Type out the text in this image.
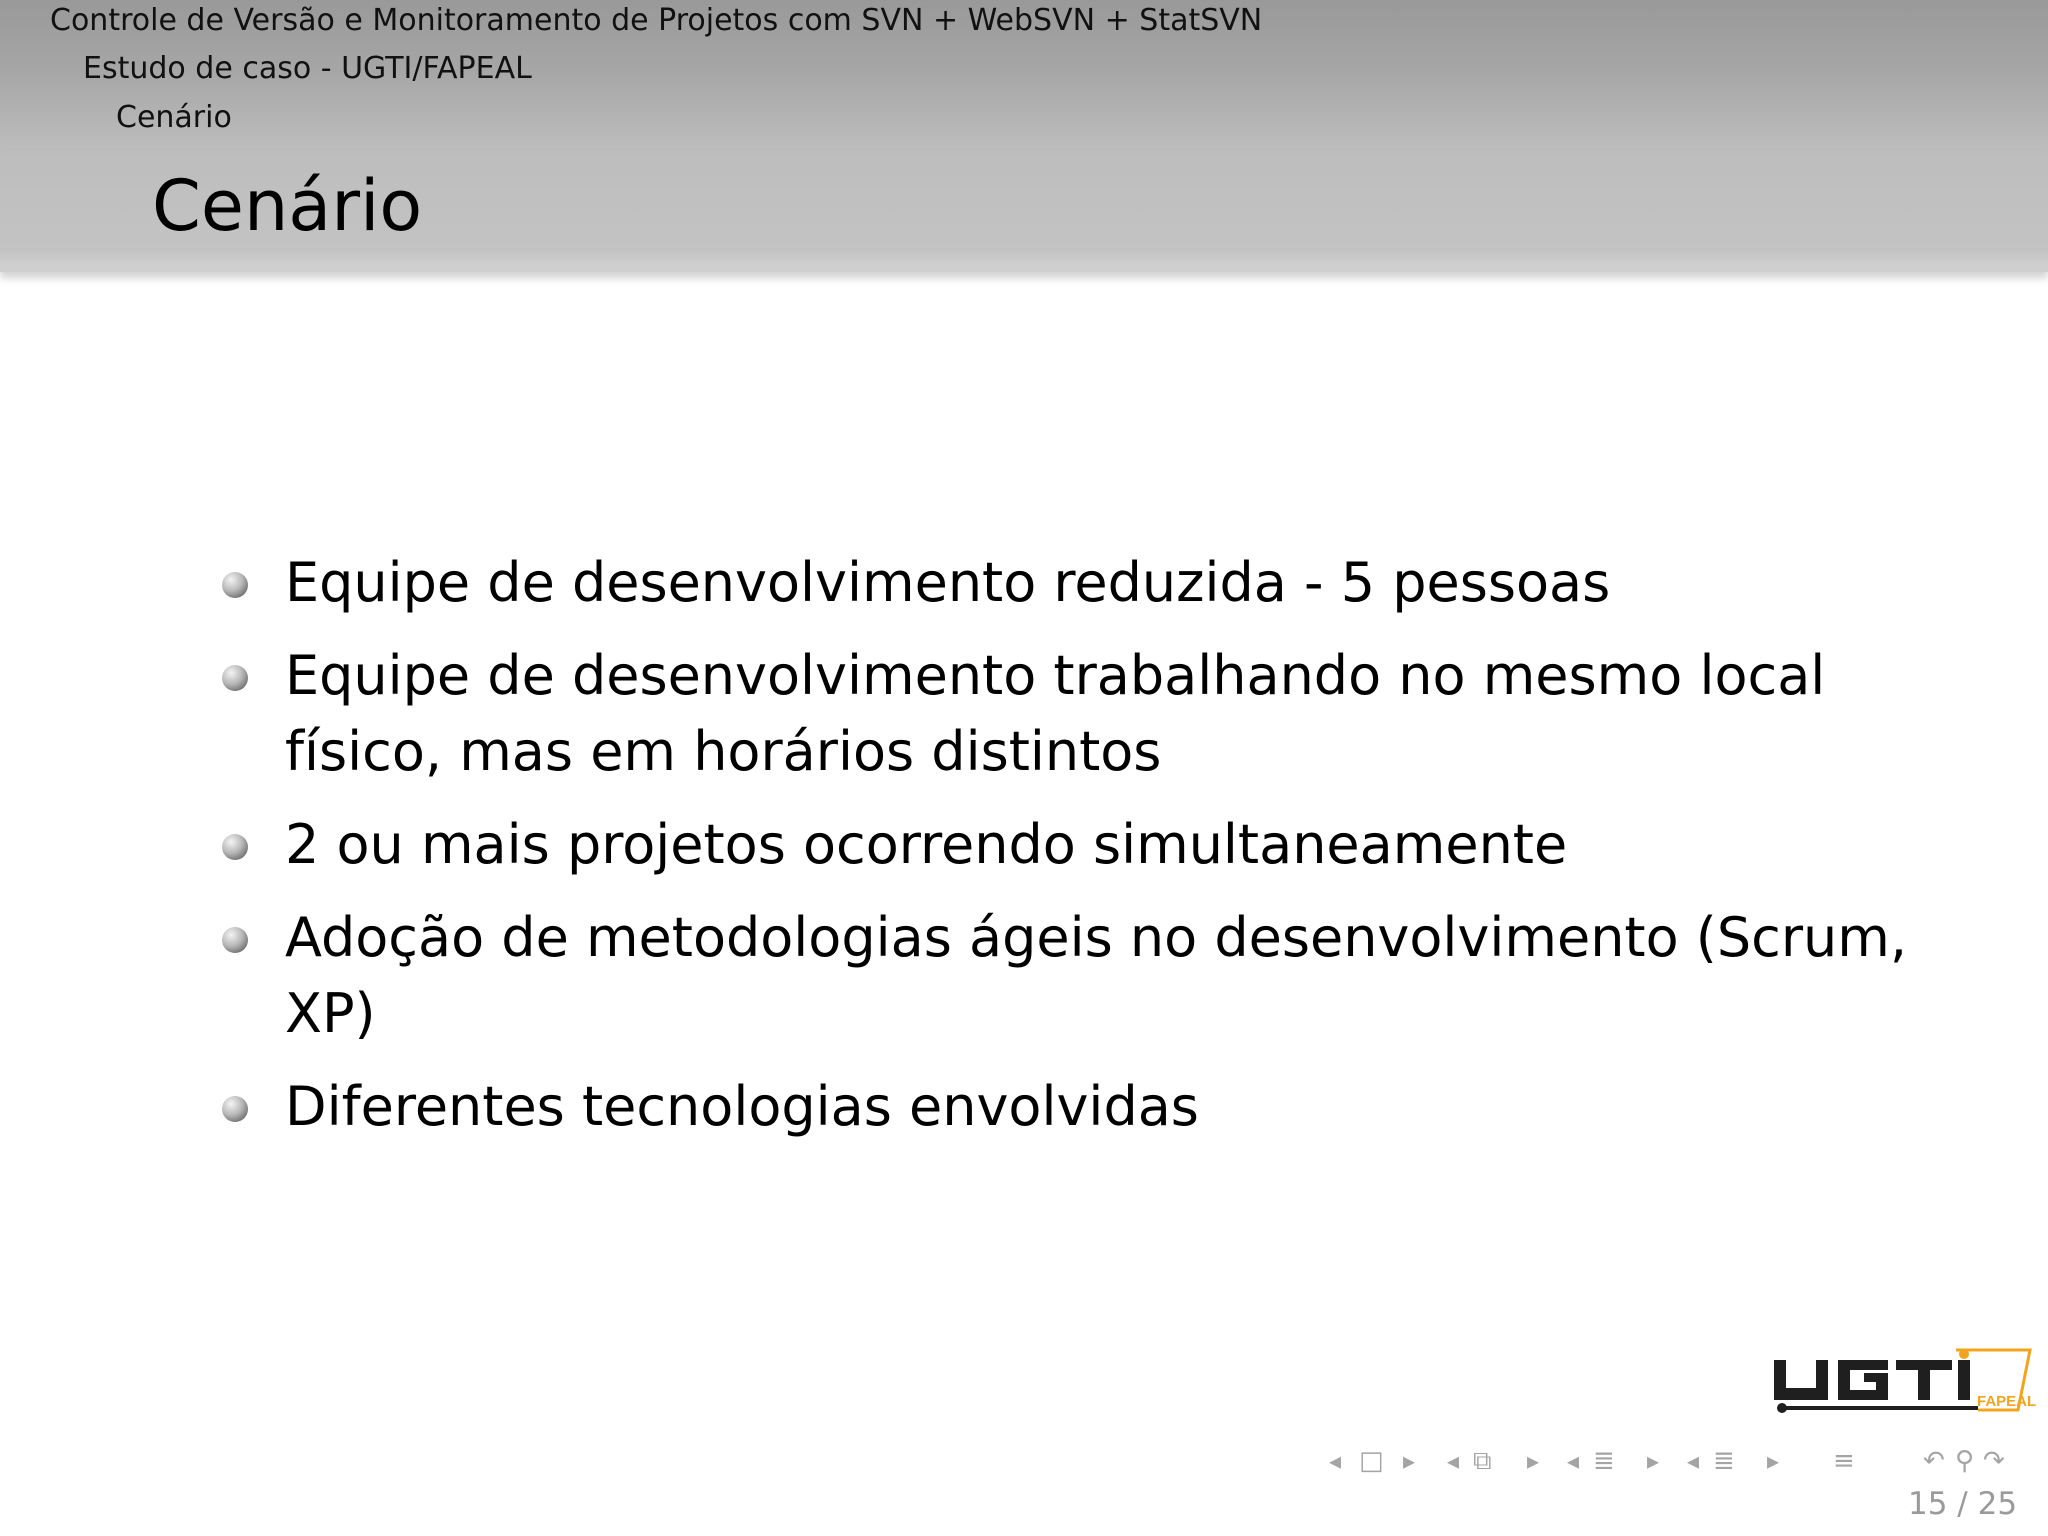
Controle de Versão e Monitoramento de Projetos com SVN + WebSVN + StatSVN
Estudo de caso - UGTI/FAPEAL
Cenário
Cenário
Equipe de desenvolvimento reduzida - 5 pessoas
Equipe de desenvolvimento trabalhando no mesmo local físico, mas em horários distintos
2 ou mais projetos ocorrendo simultaneamente
Adoção de metodologias ágeis no desenvolvimento (Scrum, XP)
Diferentes tecnologias envolvidas
FAPEAL
◂ □ ▸ ◂ ⧉ ▸ ◂ ≣ ▸ ◂ ≣ ▸ ≡	↶ ⚲ ↷
15 / 25
